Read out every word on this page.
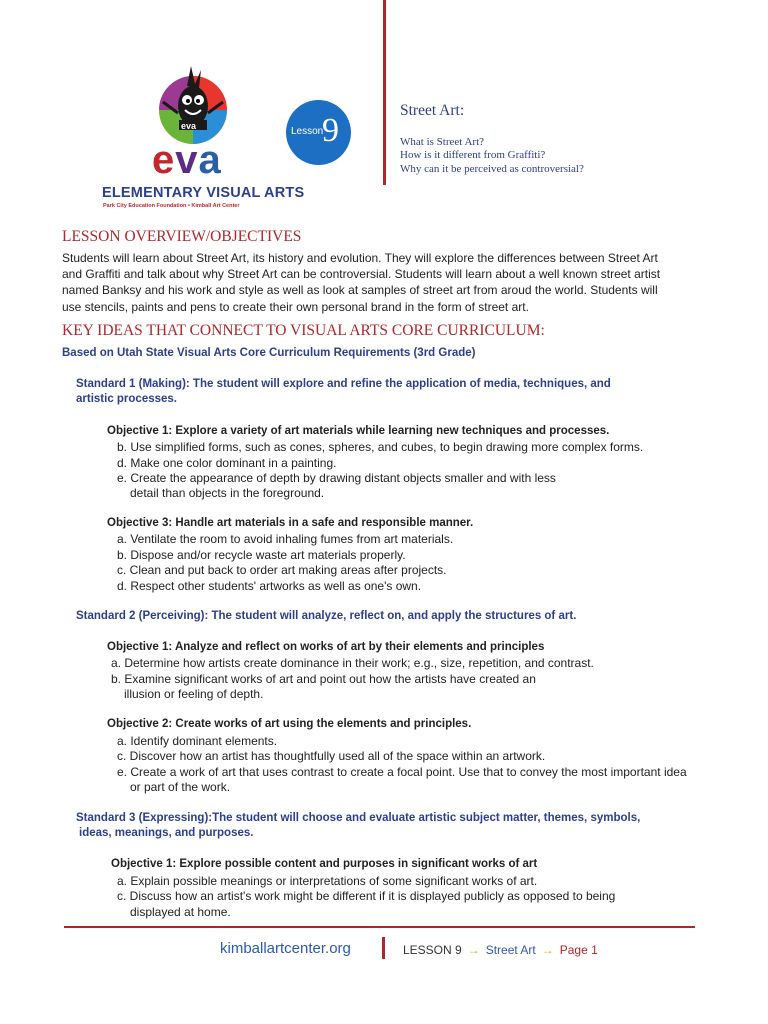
eva
eva
ELEMENTARY VISUAL ARTS
Park City Education Foundation • Kimball Art Center
Lesson
9
Street Art:
What is Street Art?
How is it different from Graffiti?
Why can it be perceived as controversial?
LESSON OVERVIEW/OBJECTIVES
Students will learn about Street Art, its history and evolution. They will explore the differences between Street Art
and Graffiti and talk about why Street Art can be controversial. Students will learn about a well known street artist
named Banksy and his work and style as well as look at samples of street art from aroud the world. Students will
use stencils, paints and pens to create their own personal brand in the form of street art.
KEY IDEAS THAT CONNECT TO VISUAL ARTS CORE CURRICULUM:
Based on Utah State Visual Arts Core Curriculum Requirements (3rd Grade)
Standard 1 (Making): The student will explore and refine the application of media, techniques, and
artistic processes.
Objective 1: Explore a variety of art materials while learning new techniques and processes.
b. Use simplified forms, such as cones, spheres, and cubes, to begin drawing more complex forms.
d. Make one color dominant in a painting.
e. Create the appearance of depth by drawing distant objects smaller and with less
detail than objects in the foreground.
Objective 3: Handle art materials in a safe and responsible manner.
a. Ventilate the room to avoid inhaling fumes from art materials.
b. Dispose and/or recycle waste art materials properly.
c. Clean and put back to order art making areas after projects.
d. Respect other students' artworks as well as one's own.
Standard 2 (Perceiving): The student will analyze, reflect on, and apply the structures of art.
Objective 1: Analyze and reflect on works of art by their elements and principles
a. Determine how artists create dominance in their work; e.g., size, repetition, and contrast.
b. Examine significant works of art and point out how the artists have created an
illusion or feeling of depth.
Objective 2: Create works of art using the elements and principles.
a. Identify dominant elements.
c. Discover how an artist has thoughtfully used all of the space within an artwork.
e. Create a work of art that uses contrast to create a focal point. Use that to convey the most important idea
or part of the work.
Standard 3 (Expressing):The student will choose and evaluate artistic subject matter, themes, symbols,
ideas, meanings, and purposes.
Objective 1: Explore possible content and purposes in significant works of art
a. Explain possible meanings or interpretations of some significant works of art.
c. Discuss how an artist's work might be different if it is displayed publicly as opposed to being
displayed at home.
kimballartcenter.org	LESSON 9 → Street Art → Page 1
